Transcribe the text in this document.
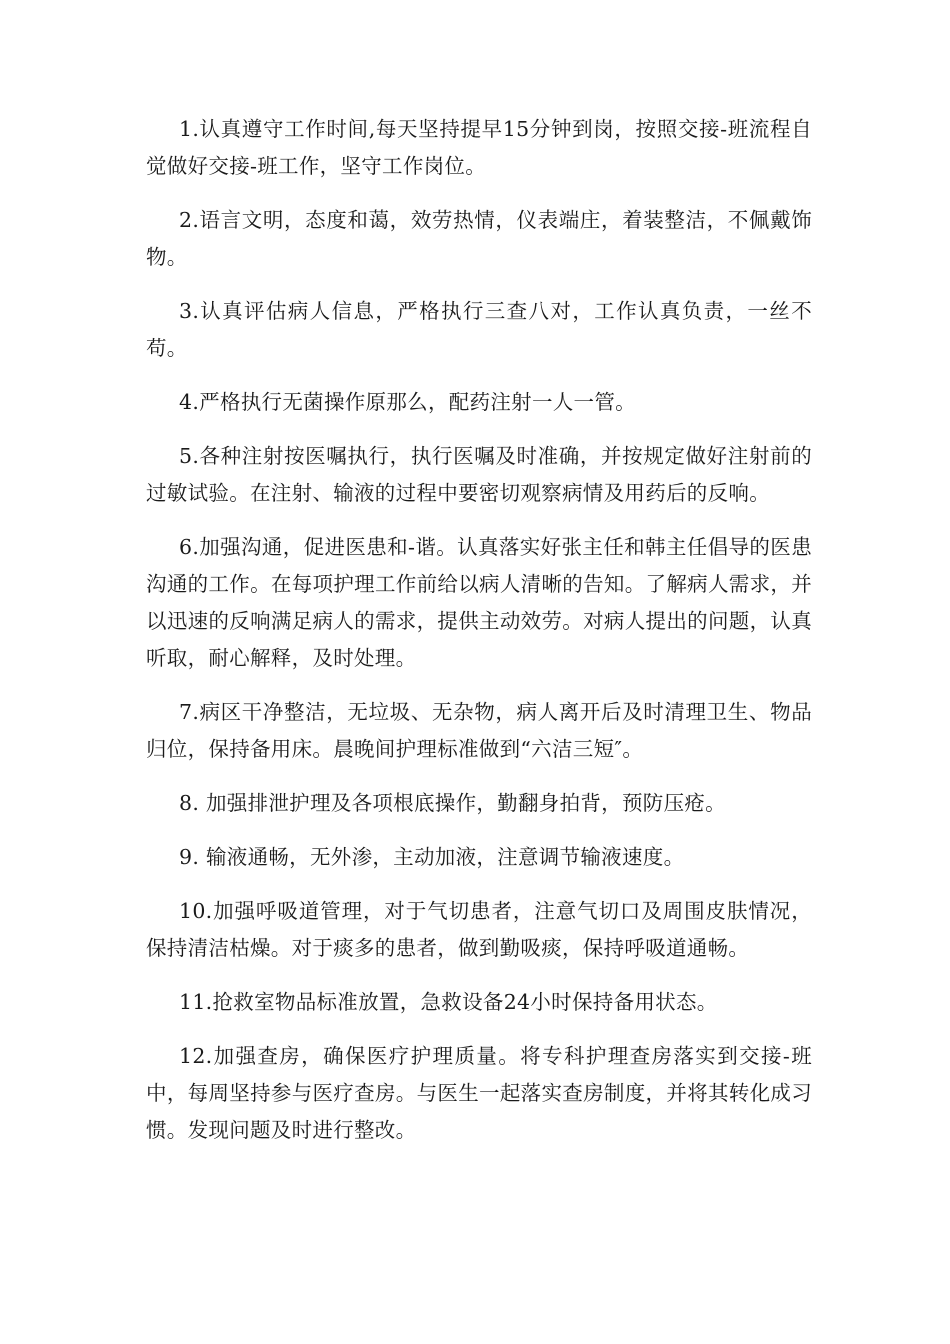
1.认真遵守工作时间,每天坚持提早15分钟到岗，按照交接-班流程自觉做好交接-班工作，坚守工作岗位。

2.语言文明，态度和蔼，效劳热情，仪表端庄，着装整洁，不佩戴饰物。

3.认真评估病人信息，严格执行三查八对，工作认真负责，一丝不苟。

4.严格执行无菌操作原那么，配药注射一人一管。

5.各种注射按医嘱执行，执行医嘱及时准确，并按规定做好注射前的过敏试验。在注射、输液的过程中要密切观察病情及用药后的反响。

6.加强沟通，促进医患和-谐。认真落实好张主任和韩主任倡导的医患沟通的工作。在每项护理工作前给以病人清晰的告知。了解病人需求，并以迅速的反响满足病人的需求，提供主动效劳。对病人提出的问题，认真听取，耐心解释，及时处理。

7.病区干净整洁，无垃圾、无杂物，病人离开后及时清理卫生、物品归位，保持备用床。晨晚间护理标准做到“六洁三短″。

8. 加强排泄护理及各项根底操作，勤翻身拍背，预防压疮。

9. 输液通畅，无外渗，主动加液，注意调节输液速度。

10.加强呼吸道管理，对于气切患者，注意气切口及周围皮肤情况，保持清洁枯燥。对于痰多的患者，做到勤吸痰，保持呼吸道通畅。

11.抢救室物品标准放置，急救设备24小时保持备用状态。

12.加强查房，确保医疗护理质量。将专科护理查房落实到交接-班中，每周坚持参与医疗查房。与医生一起落实查房制度，并将其转化成习惯。发现问题及时进行整改。
